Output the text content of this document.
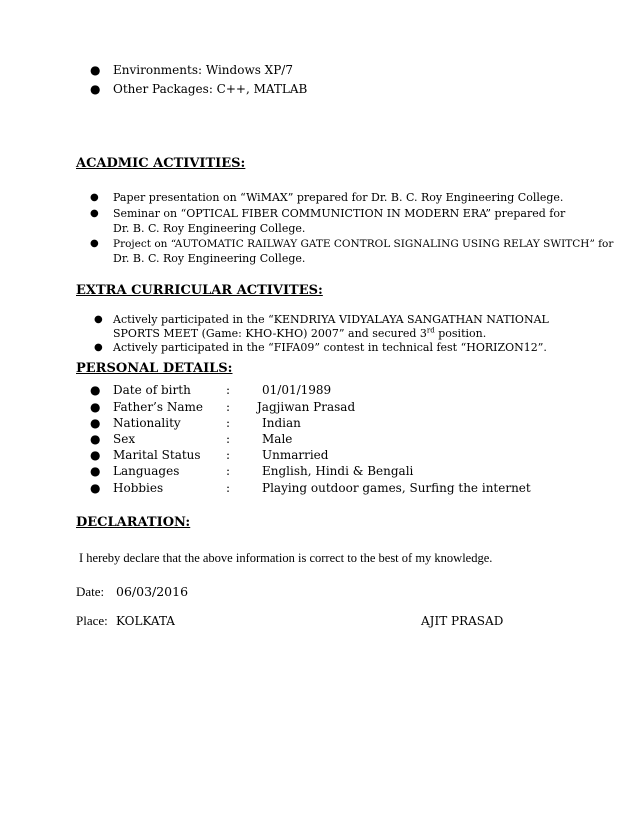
● Environments: Windows XP/7
● Other Packages: C++, MATLAB
ACADMIC ACTIVITIES:
● Paper presentation on “WiMAX” prepared for Dr. B. C. Roy Engineering College.
● Seminar on “OPTICAL FIBER COMMUNICTION IN MODERN ERA” prepared for
Dr. B. C. Roy Engineering College.
● Project on “AUTOMATIC RAILWAY GATE CONTROL SIGNALING USING RELAY SWITCH” for
Dr. B. C. Roy Engineering College.
EXTRA CURRICULAR ACTIVITES:
● Actively participated in the “KENDRIYA VIDYALAYA SANGATHAN NATIONAL
SPORTS MEET (Game: KHO-KHO) 2007” and secured 3rd position.
● Actively participated in the “FIFA09” contest in technical fest “HORIZON12”.
PERSONAL DETAILS:
● Date of birth	:	01/01/1989
● Father’s Name : Jagjiwan Prasad
● Nationality	:	Indian
● Sex	:	Male
● Marital Status :	Unmarried
● Languages	:	English, Hindi & Bengali
● Hobbies	:	Playing outdoor games, Surfing the internet
DECLARATION:
I hereby declare that the above information is correct to the best of my knowledge.
Date: 06/03/2016
Place: KOLKATA	AJIT PRASAD
